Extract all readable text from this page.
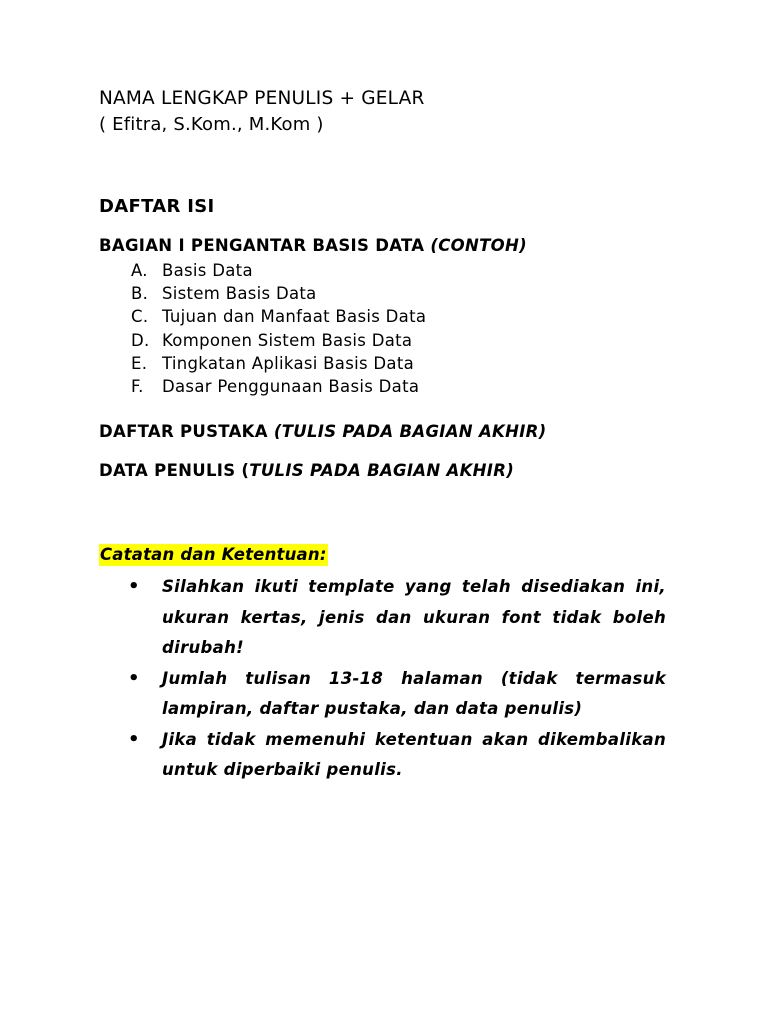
NAMA LENGKAP PENULIS + GELAR
( Efitra, S.Kom., M.Kom )
DAFTAR ISI
BAGIAN I PENGANTAR BASIS DATA (CONTOH)
A. Basis Data
B. Sistem Basis Data
C. Tujuan dan Manfaat Basis Data
D. Komponen Sistem Basis Data
E. Tingkatan Aplikasi Basis Data
F.	Dasar Penggunaan Basis Data
DAFTAR PUSTAKA (TULIS PADA BAGIAN AKHIR)
DATA PENULIS (TULIS PADA BAGIAN AKHIR)
Catatan dan Ketentuan:
•	Silahkan ikuti template yang telah disediakan ini, ukuran kertas, jenis dan ukuran font tidak boleh dirubah!
•	Jumlah tulisan 13-18 halaman (tidak termasuk lampiran, daftar pustaka, dan data penulis)
•	Jika tidak memenuhi ketentuan akan dikembalikan untuk diperbaiki penulis.
